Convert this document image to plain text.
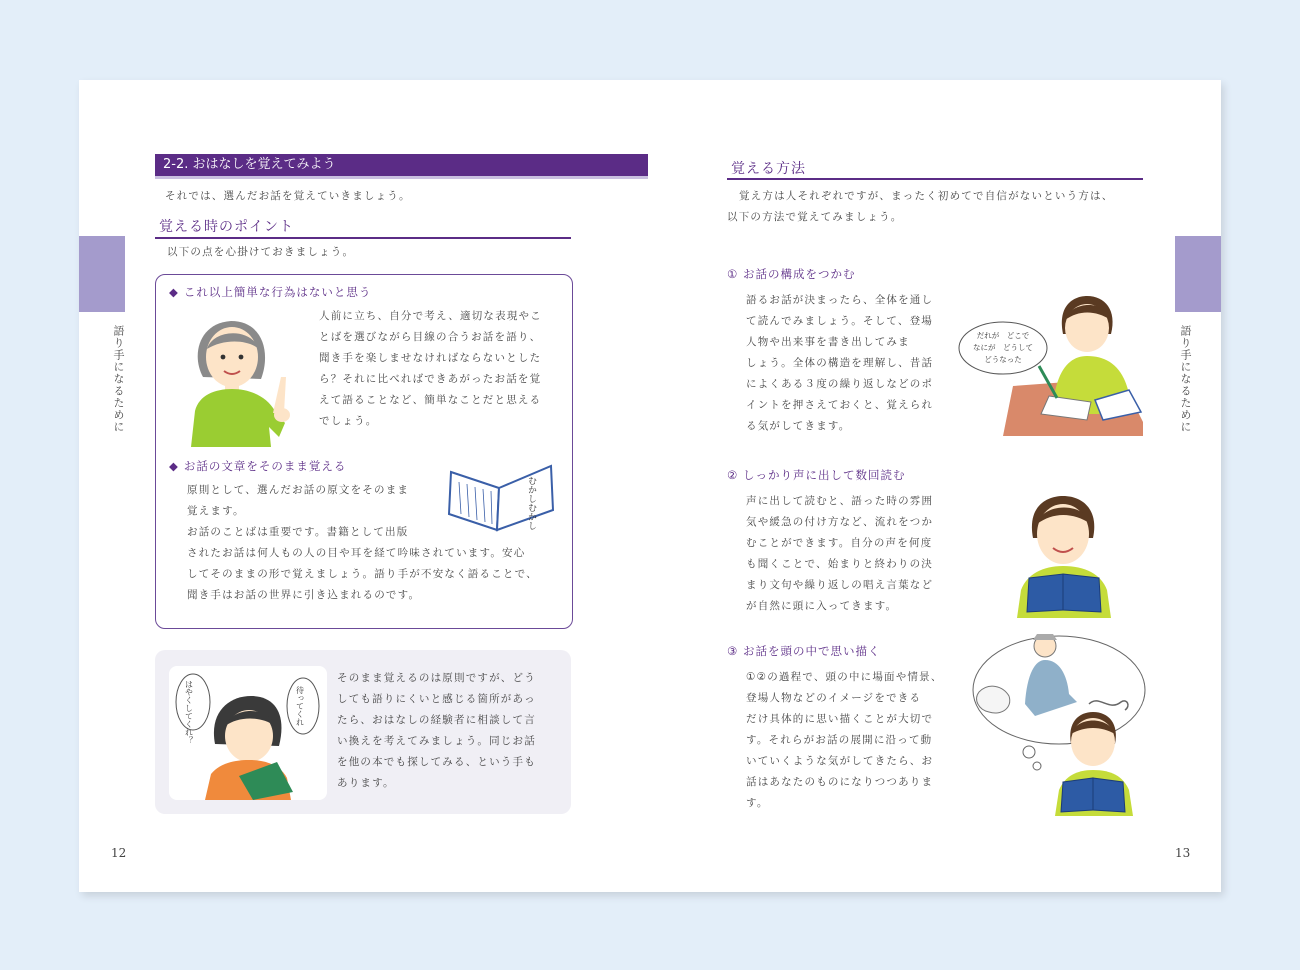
語り手になるために
12
2-2. おはなしを覚えてみよう
それでは、選んだお話を覚えていきましょう。
覚える時のポイント
以下の点を心掛けておきましょう。
◆ これ以上簡単な行為はないと思う
人前に立ち、自分で考え、適切な表現やこ
とばを選びながら目線の合うお話を語り、
聞き手を楽しませなければならないとした
ら？それに比べればできあがったお話を覚
えて語ることなど、簡単なことだと思える
でしょう。
◆ お話の文章をそのまま覚える
原則として、選んだお話の原文をそのまま
覚えます。
お話のことばは重要です。書籍として出版
されたお話は何人もの人の目や耳を経て吟味されています。安心
してそのままの形で覚えましょう。語り手が不安なく語ることで、
聞き手はお話の世界に引き込まれるのです。
むかしむかし
はやくしてくれ？	待ってくれ
そのまま覚えるのは原則ですが、どう
しても語りにくいと感じる箇所があっ
たら、おはなしの経験者に相談して言
い換えを考えてみましょう。同じお話
を他の本でも探してみる、という手も
あります。
語り手になるために
13
覚える方法
覚え方は人それぞれですが、まったく初めてで自信がないという方は、
以下の方法で覚えてみましょう。
① お話の構成をつかむ
語るお話が決まったら、全体を通し
て読んでみましょう。そして、登場
人物や出来事を書き出してみま
しょう。全体の構造を理解し、昔話
によくある３度の繰り返しなどのポ
イントを押さえておくと、覚えられ
る気がしてきます。
だれが　どこで
なにが　どうして
どうなった
② しっかり声に出して数回読む
声に出して読むと、語った時の雰囲
気や緩急の付け方など、流れをつか
むことができます。自分の声を何度
も聞くことで、始まりと終わりの決
まり文句や繰り返しの唱え言葉など
が自然に頭に入ってきます。
③ お話を頭の中で思い描く
①②の過程で、頭の中に場面や情景、
登場人物などのイメージをできる
だけ具体的に思い描くことが大切で
す。それらがお話の展開に沿って動
いていくような気がしてきたら、お
話はあなたのものになりつつありま
す。
